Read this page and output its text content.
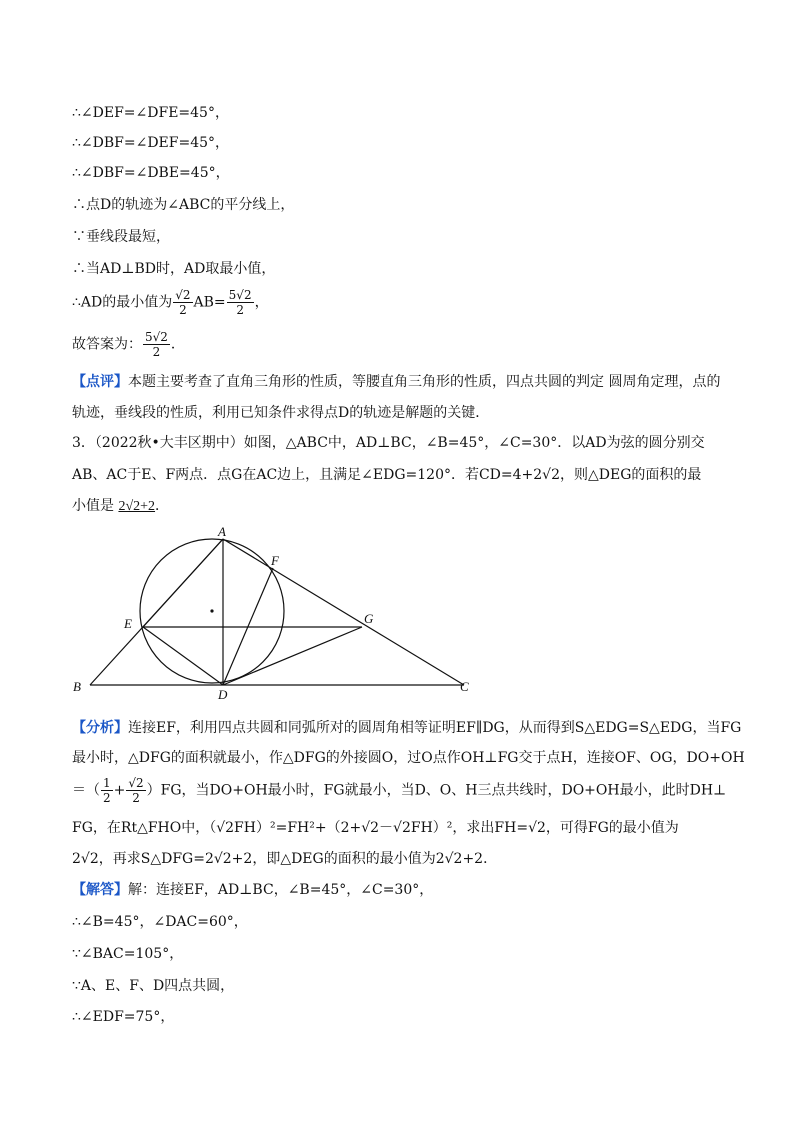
∴∠DEF=∠DFE=45°，
∴∠DBF=∠DEF=45°，
∴∠DBF=∠DBE=45°，
∴点D的轨迹为∠ABC的平分线上，
∵垂线段最短，
∴当AD⊥BD时，AD取最小值，
∴AD的最小值为 $\frac{√2}{2} AB= \frac{5√2}{2}$ ，
故答案为： $\frac{5√2}{2}$ ．
【点评】本题主要考查了直角三角形的性质，等腰直角三角形的性质，四点共圆的判定 圆周角定理，点的
轨迹，垂线段的性质，利用已知条件求得点D的轨迹是解题的关键．
3．（2022秋•大丰区期中）如图，△ABC中，AD⊥BC，∠B=45°，∠C=30°．以AD为弦的圆分别交
AB、AC于E、F两点．点G在AC边上，且满足∠EDG=120°．若CD=4+2√2，则△DEG的面积的最
小值是 2√2+2．
A
B	C
D
E
F
G
【分析】连接EF，利用四点共圆和同弧所对的圆周角相等证明EF∥DG，从而得到S△EDG=S△EDG，当FG
最小时，△DFG的面积就最小，作△DFG的外接圆O，过O点作OH⊥FG交于点H，连接OF、OG，DO+OH
＝（ $\frac{1}{2} + \frac{√2}{2} )FG$，当DO+OH最小时，FG就最小，当D、O、H三点共线时，DO+OH最小，此时DH⊥
FG，在Rt△FHO中，（√2FH）²=FH²+（2+√2－√2FH）²，求出FH=√2，可得FG的最小值为
2√2，再求S△DFG=2√2+2，即△DEG的面积的最小值为2√2+2．
【解答】解：连接EF，AD⊥BC，∠B=45°，∠C=30°，
∴∠B=45°，∠DAC=60°，
∵∠BAC=105°，
∵A、E、F、D四点共圆，
∴∠EDF=75°，
